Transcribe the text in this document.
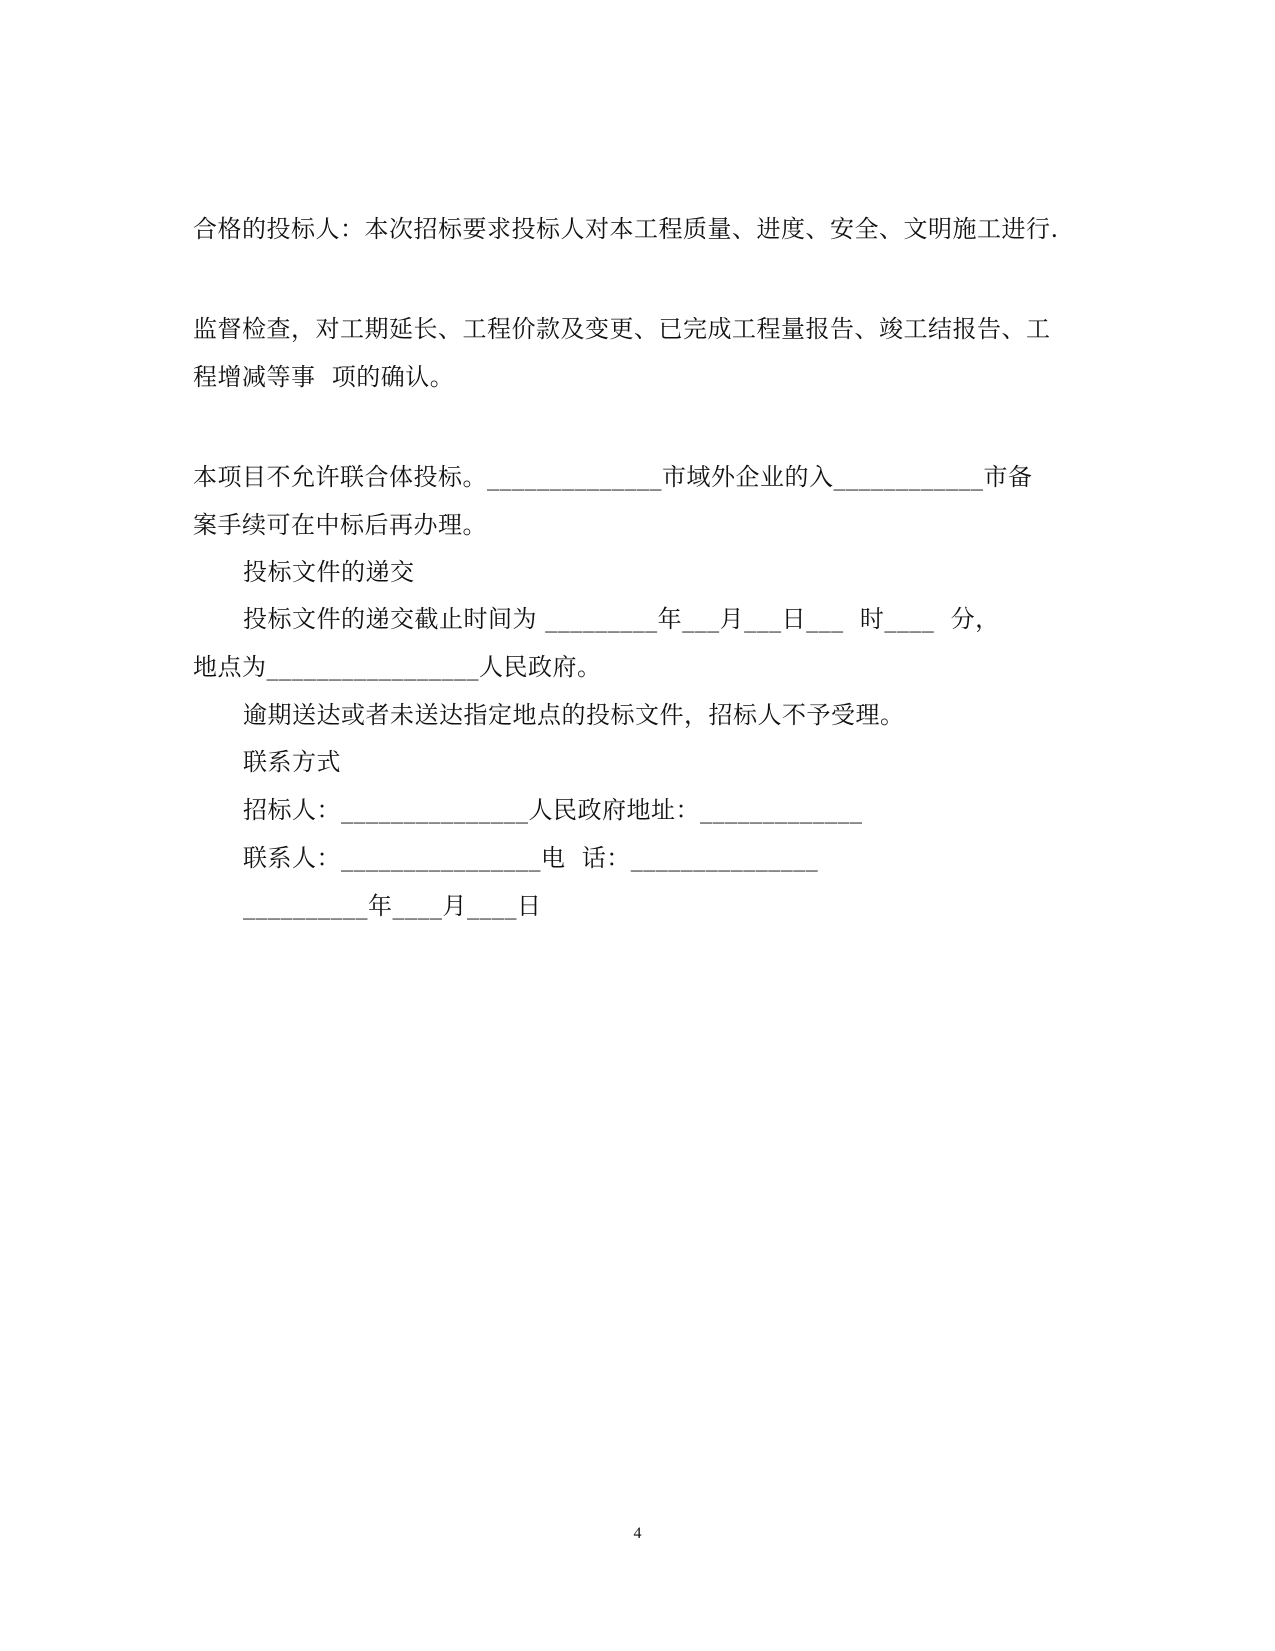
合格的投标人：本次招标要求投标人对本工程质量、进度、安全、文明施工进行.
监督检查，对工期延长、工程价款及变更、已完成工程量报告、竣工结报告、工
程增减等事  项的确认。
本项目不允许联合体投标。______________市域外企业的入____________市备
案手续可在中标后再办理。
投标文件的递交
投标文件的递交截止时间为 _________年___月___日___  时____  分，
地点为_________________人民政府。
逾期送达或者未送达指定地点的投标文件，招标人不予受理。
联系方式
招标人：_______________人民政府地址：_____________
联系人：________________电  话：_______________
__________年____月____日
4
